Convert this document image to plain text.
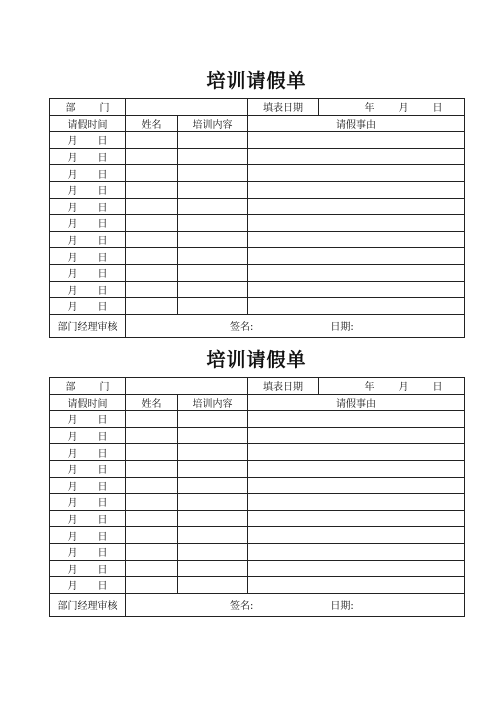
培训请假单
部 门			填表日期	年 月 日
请假时间	姓名	培训内容	请假事由	
月 日				
月 日				
月 日				
月 日				
月 日				
月 日				
月 日				
月 日				
月 日				
月 日				
月 日				
部门经理审核	签名: 日期:			
培训请假单
部 门			填表日期	年 月 日
请假时间	姓名	培训内容	请假事由	
月 日				
月 日				
月 日				
月 日				
月 日				
月 日				
月 日				
月 日				
月 日				
月 日				
月 日				
部门经理审核	签名: 日期:			
